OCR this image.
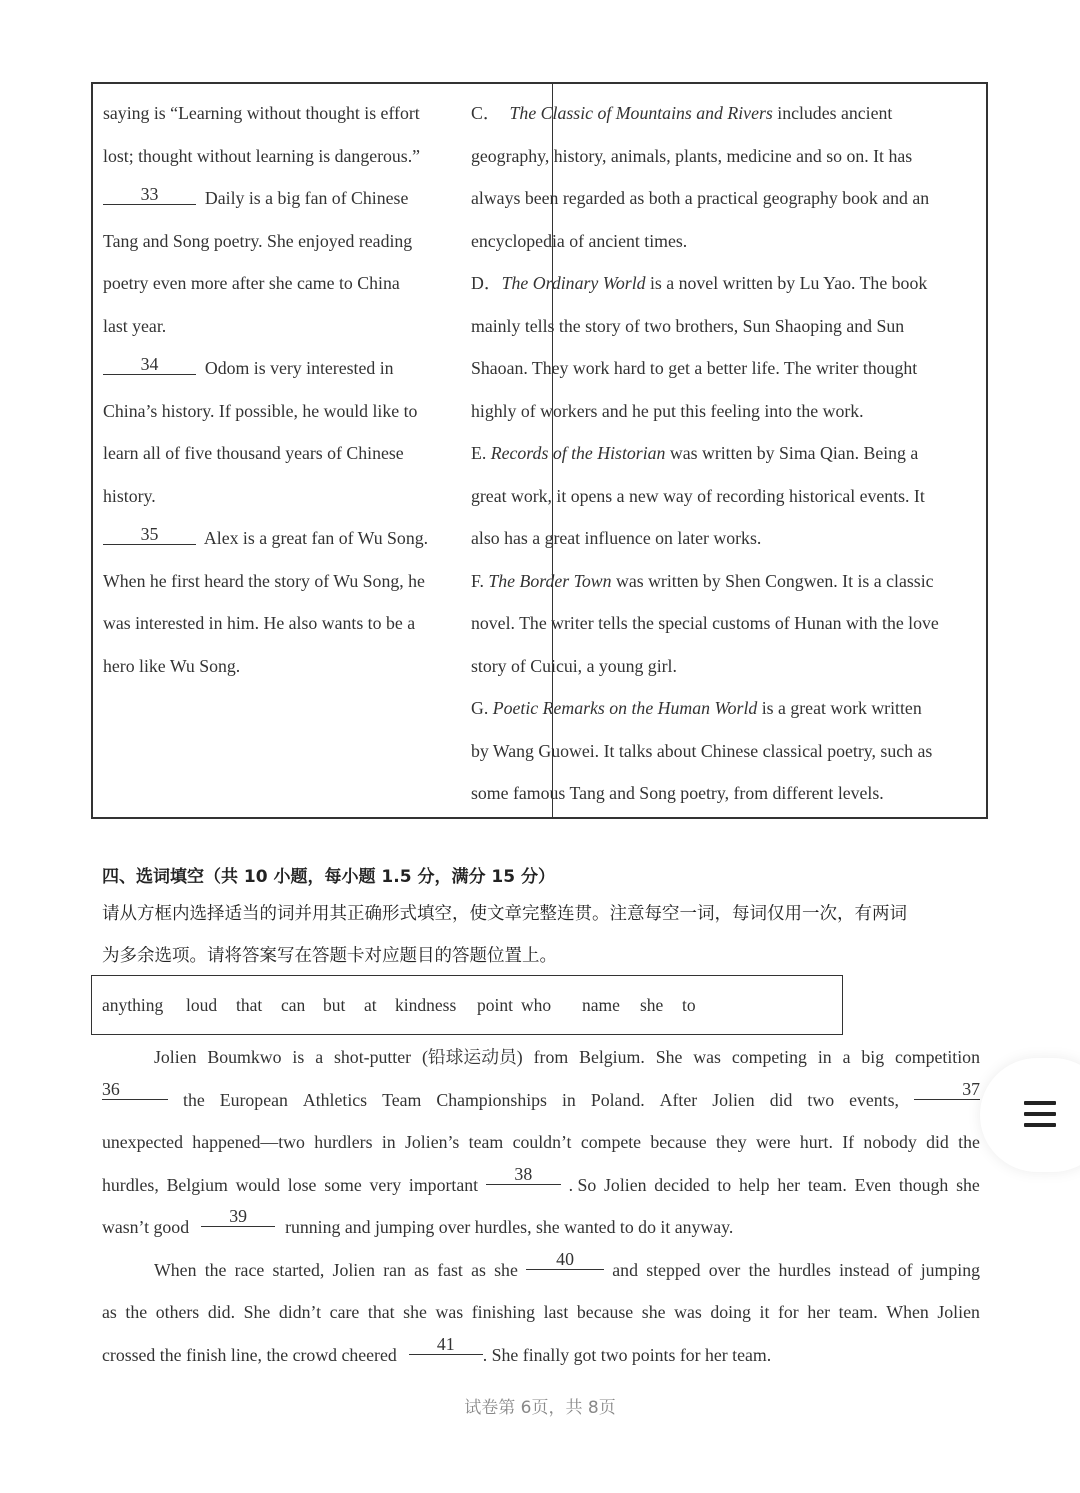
saying is “Learning without thought is effort
lost; thought without learning is dangerous.”
33  Daily is a big fan of Chinese
Tang and Song poetry. She enjoyed reading
poetry even more after she came to China
last year.
34  Odom is very interested in
China’s history. If possible, he would like to
learn all of five thousand years of Chinese
history.
35  Alex is a great fan of Wu Song.
When he first heard the story of Wu Song, he
was interested in him. He also wants to be a
hero like Wu Song.
C．  The Classic of Mountains and Rivers includes ancient
geography, history, animals, plants, medicine and so on. It has
always been regarded as both a practical geography book and an
encyclopedia of ancient times.
D．The Ordinary World is a novel written by Lu Yao. The book
mainly tells the story of two brothers, Sun Shaoping and Sun
Shaoan. They work hard to get a better life. The writer thought
highly of workers and he put this feeling into the work.
E. Records of the Historian was written by Sima Qian. Being a
great work, it opens a new way of recording historical events. It
also has a great influence on later works.
F. The Border Town was written by Shen Congwen. It is a classic
novel. The writer tells the special customs of Hunan with the love
story of Cuicui, a young girl.
G. Poetic Remarks on the Human World is a great work written
by Wang Guowei. It talks about Chinese classical poetry, such as
some famous Tang and Song poetry, from different levels.
四、选词填空（共 10 小题，每小题 1.5 分，满分 15 分）
请从方框内选择适当的词并用其正确形式填空，使文章完整连贯。注意每空一词，每词仅用一次，有两词
为多余选项。请将答案写在答题卡对应题目的答题位置上。
anything loud that can but at kindness point who name she to
Jolien Boumkwo is a shot-putter (铅球运动员) from Belgium. She was competing in a big competition
36
the European Athletics Team Championships in Poland. After Jolien did two events,
37
unexpected happened—two hurdlers in Jolien’s team couldn’t compete because they were hurt. If nobody did the
hurdles, Belgium would lose some very important
38
. So Jolien decided to help her team. Even though she
wasn’t good
39
running and jumping over hurdles, she wanted to do it anyway.
When the race started, Jolien ran as fast as she
40
and stepped over the hurdles instead of jumping
as the others did. She didn’t care that she was finishing last because she was doing it for her team. When Jolien
crossed the finish line, the crowd cheered
41
. She finally got two points for her team.
试卷第 6页，共 8页
